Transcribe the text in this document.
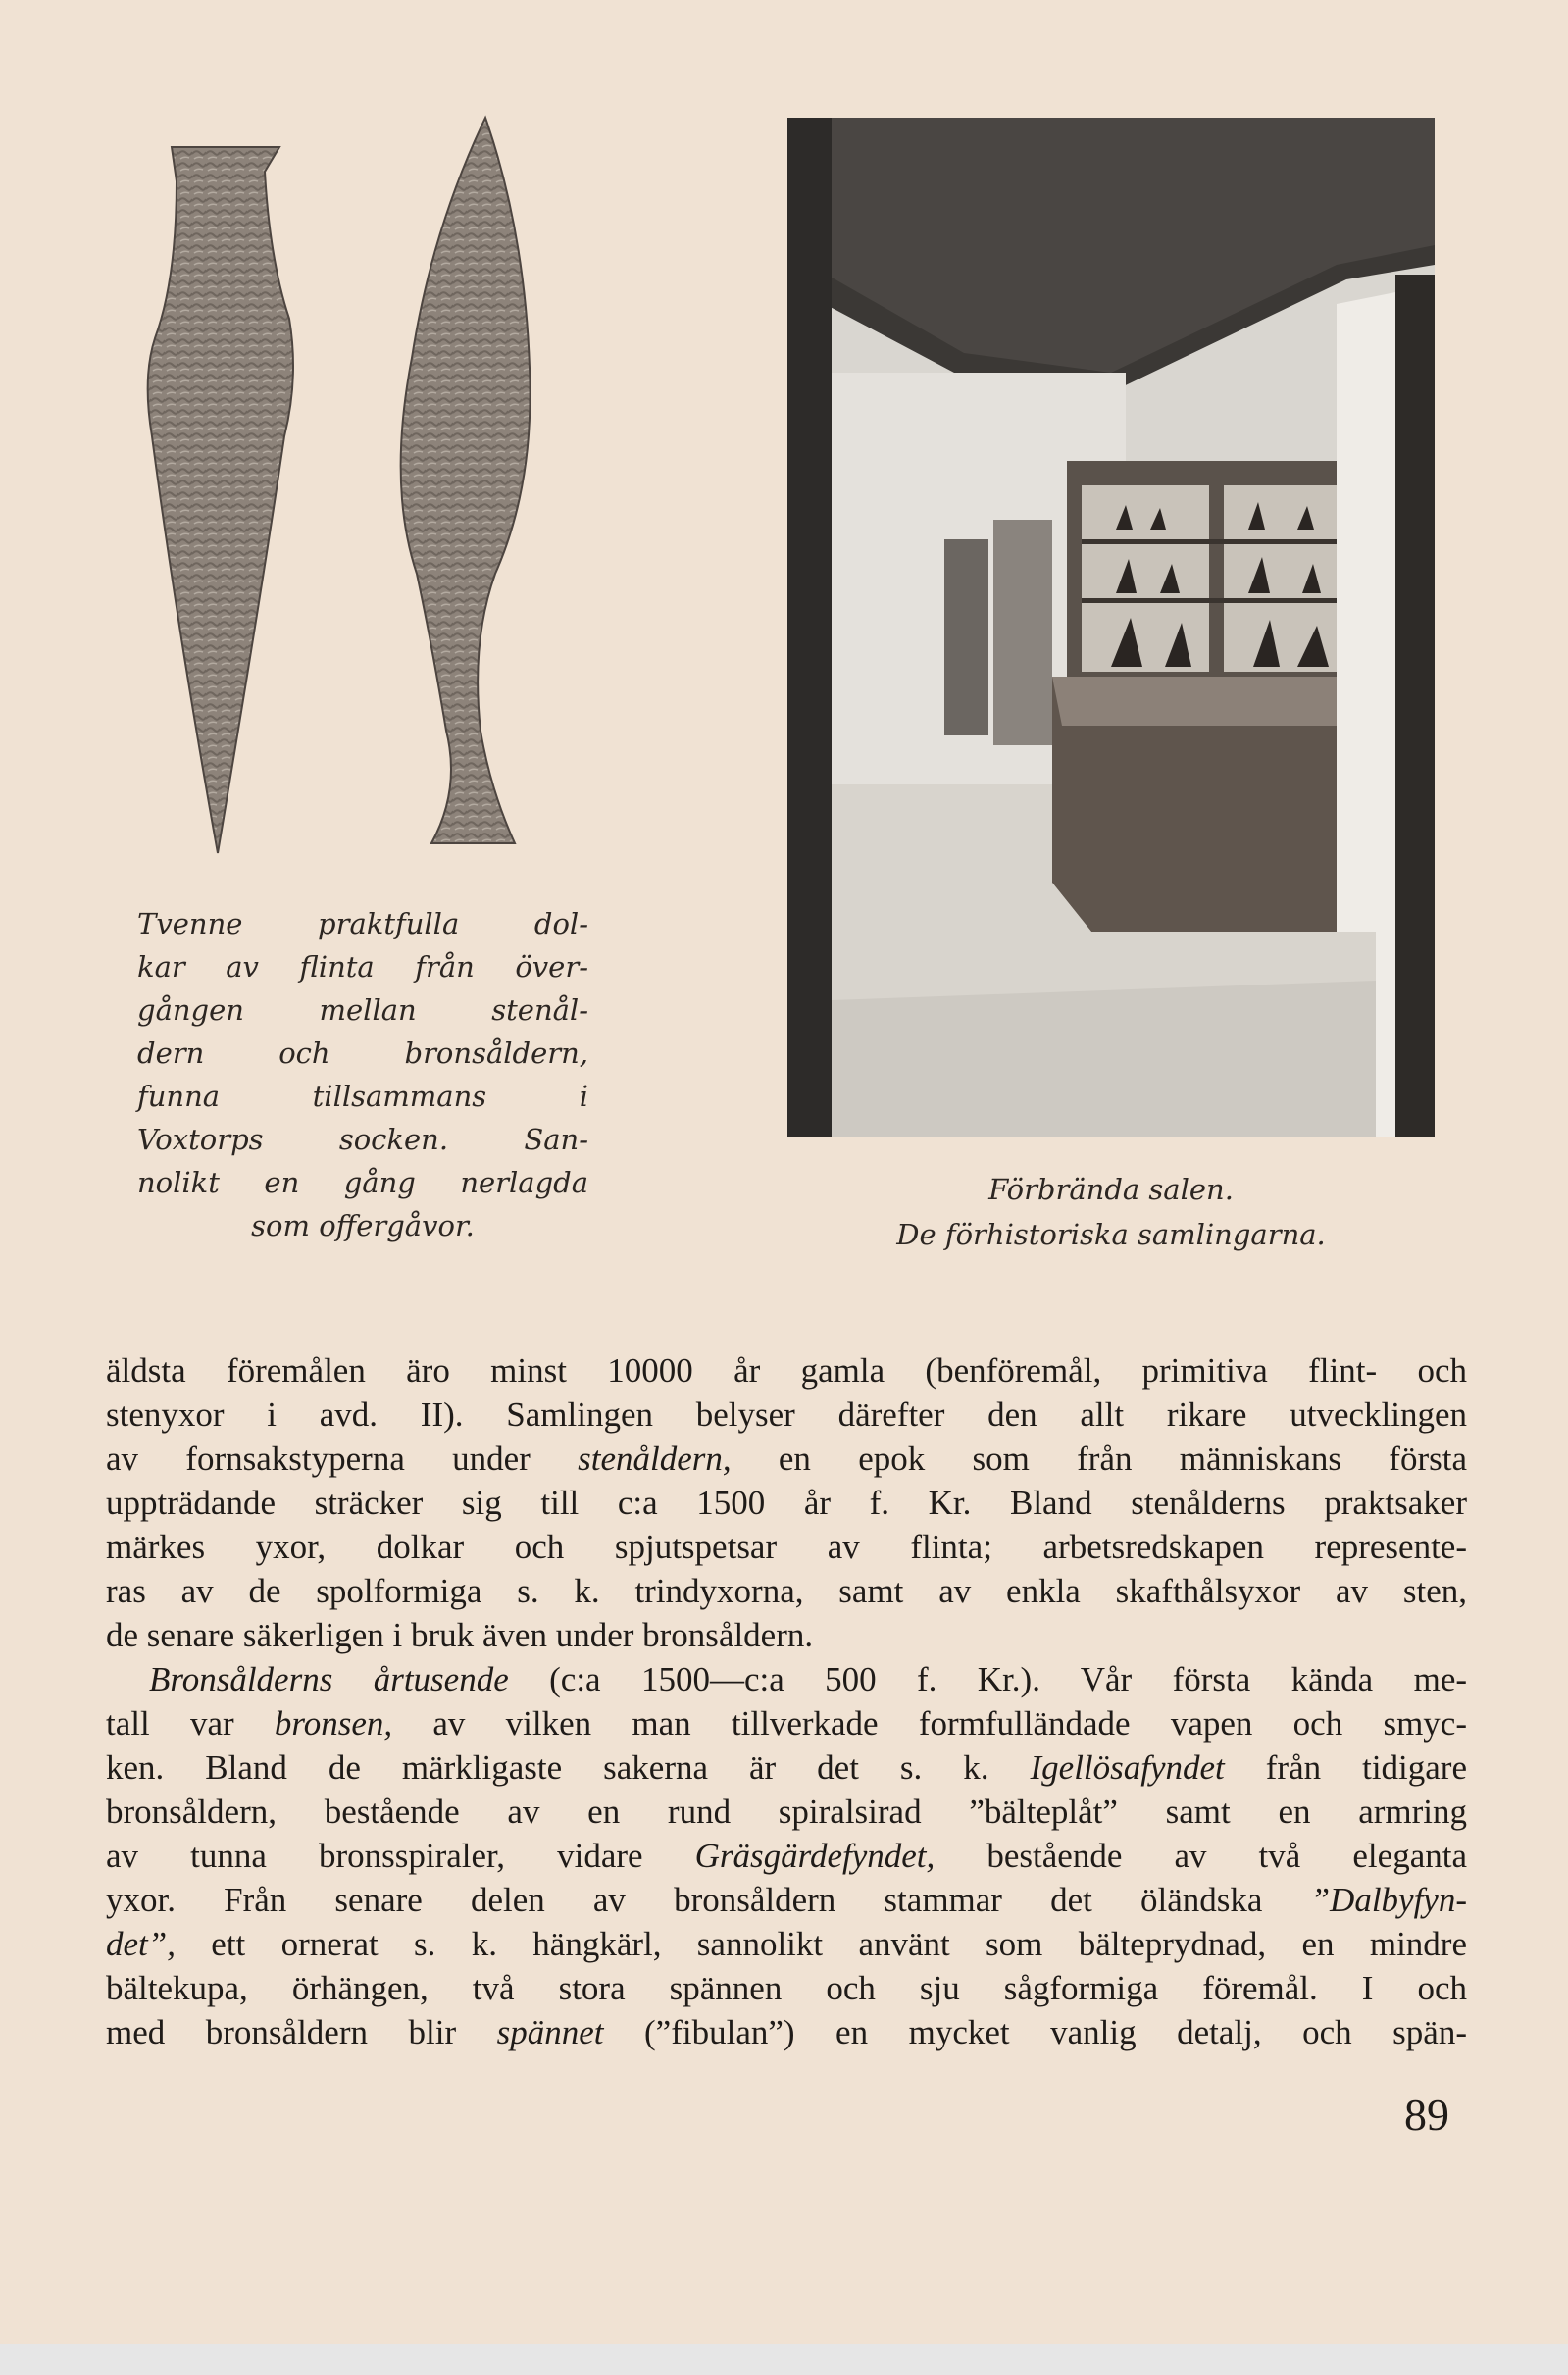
Tvenne praktfulla dol-
kar av flinta från över-
gången mellan stenål-
dern och bronsåldern,
funna tillsammans i
Voxtorps socken. San-
nolikt en gång nerlagda
som offergåvor.
Förbrända salen.
De förhistoriska samlingarna.
äldsta föremålen äro minst 10000 år gamla (benföremål, primitiva flint- och
stenyxor i avd. II). Samlingen belyser därefter den allt rikare utvecklingen
av fornsakstyperna under stenåldern, en epok som från människans första
uppträdande sträcker sig till c:a 1500 år f. Kr. Bland stenålderns praktsaker
märkes yxor, dolkar och spjutspetsar av flinta; arbetsredskapen represente-
ras av de spolformiga s. k. trindyxorna, samt av enkla skafthålsyxor av sten,
de senare säkerligen i bruk även under bronsåldern.
Bronsålderns årtusende (c:a 1500—c:a 500 f. Kr.). Vår första kända me-
tall var bronsen, av vilken man tillverkade formfulländade vapen och smyc-
ken. Bland de märkligaste sakerna är det s. k. Igellösafyndet från tidigare
bronsåldern, bestående av en rund spiralsirad ”bälteplåt” samt en armring
av tunna bronsspiraler, vidare Gräsgärdefyndet, bestående av två eleganta
yxor. Från senare delen av bronsåldern stammar det öländska ”Dalbyfyn-
det”, ett ornerat s. k. hängkärl, sannolikt använt som bälteprydnad, en mindre
bältekupa, örhängen, två stora spännen och sju sågformiga föremål. I och
med bronsåldern blir spännet (”fibulan”) en mycket vanlig detalj, och spän-
89
